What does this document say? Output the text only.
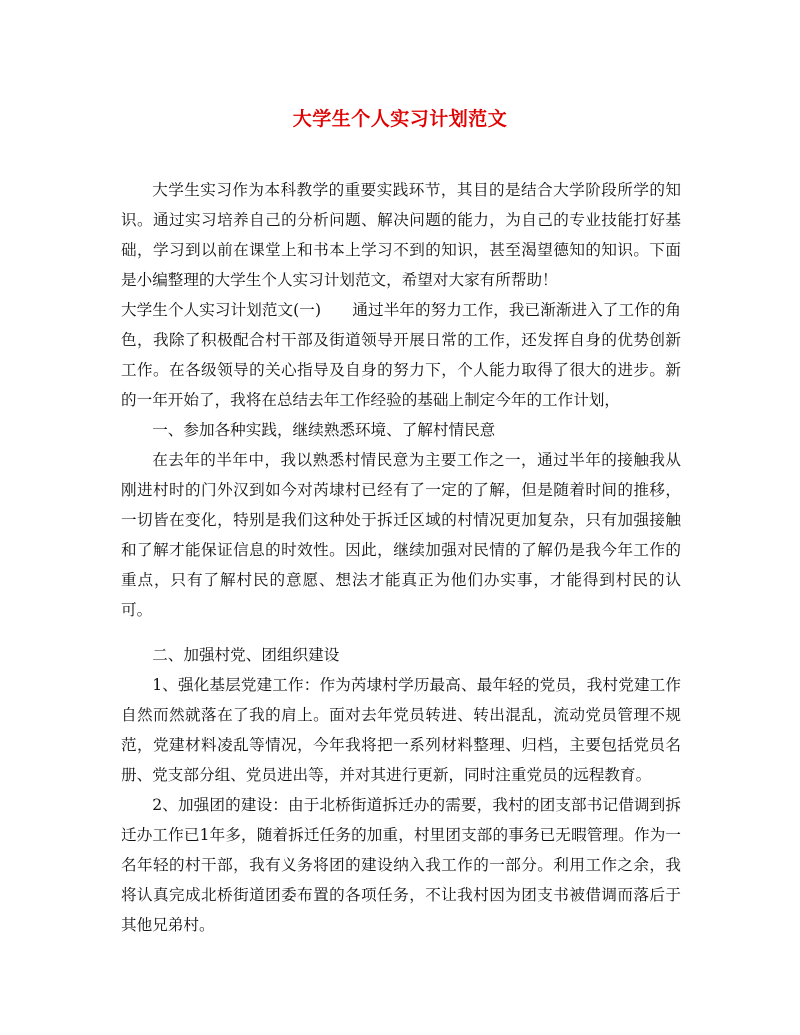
大学生个人实习计划范文

大学生实习作为本科教学的重要实践环节，其目的是结合大学阶段所学的知识。通过实习培养自己的分析问题、解决问题的能力，为自己的专业技能打好基础，学习到以前在课堂上和书本上学习不到的知识，甚至渴望德知的知识。下面是小编整理的大学生个人实习计划范文，希望对大家有所帮助！

大学生个人实习计划范文(一)　　通过半年的努力工作，我已渐渐进入了工作的角色，我除了积极配合村干部及街道领导开展日常的工作，还发挥自身的优势创新工作。在各级领导的关心指导及自身的努力下，个人能力取得了很大的进步。新的一年开始了，我将在总结去年工作经验的基础上制定今年的工作计划，

一、参加各种实践，继续熟悉环境、了解村情民意

在去年的半年中，我以熟悉村情民意为主要工作之一，通过半年的接触我从刚进村时的门外汉到如今对芮埭村已经有了一定的了解，但是随着时间的推移，一切皆在变化，特别是我们这种处于拆迁区域的村情况更加复杂，只有加强接触和了解才能保证信息的时效性。因此，继续加强对民情的了解仍是我今年工作的重点，只有了解村民的意愿、想法才能真正为他们办实事，才能得到村民的认可。

二、加强村党、团组织建设

1、强化基层党建工作：作为芮埭村学历最高、最年轻的党员，我村党建工作自然而然就落在了我的肩上。面对去年党员转进、转出混乱，流动党员管理不规范，党建材料凌乱等情况，今年我将把一系列材料整理、归档，主要包括党员名册、党支部分组、党员进出等，并对其进行更新，同时注重党员的远程教育。

2、加强团的建设：由于北桥街道拆迁办的需要，我村的团支部书记借调到拆迁办工作已1年多，随着拆迁任务的加重，村里团支部的事务已无暇管理。作为一名年轻的村干部，我有义务将团的建设纳入我工作的一部分。利用工作之余，我将认真完成北桥街道团委布置的各项任务，不让我村因为团支书被借调而落后于其他兄弟村。
